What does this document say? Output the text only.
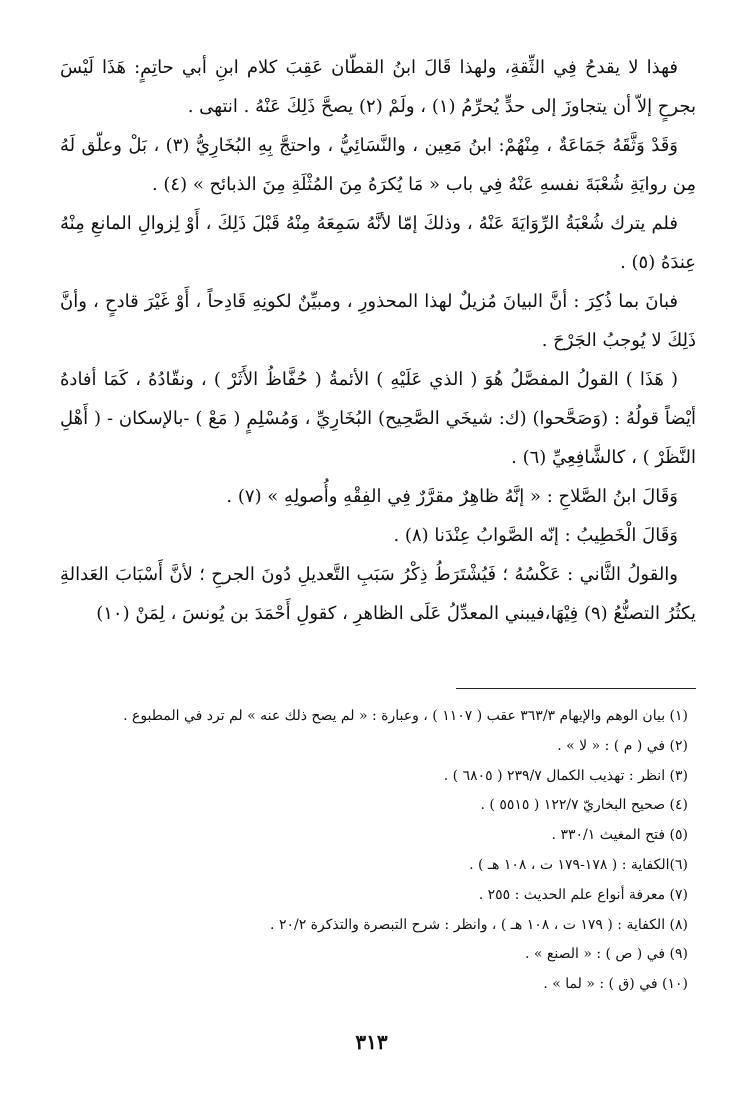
فهذا لا يقدحُ فِي الثِّقةِ، ولهذا قَالَ ابنُ القطّان عَقِبَ كلام ابنِ أبي حاتِمٍ: هَذَا لَيْسَ بجرحٍ إلاّ أن يتجاوزَ إلى حدٍّ يُحرِّمُ (١) ، ولَمْ (٢) يصحَّ ذَلِكَ عَنْهُ . انتهى .

وَقَدْ وَثَّقَهُ جَمَاعَةٌ ، مِنْهُمْ: ابنُ مَعِين ، والنَّسَائِيُّ ، واحتجَّ بِهِ البُخَارِيُّ (٣) ، بَلْ وعلّق لَهُ مِن روايَةِ شُعْبَةَ نفسهِ عَنْهُ فِي باب « مَا يُكرَهُ مِنَ المُثْلَةِ مِنَ الذبائح » (٤) .

فلم يترك شُعْبَةُ الرِّوَايَةَ عَنْهُ ، وذلكَ إمّا لأنَّهُ سَمِعَهُ مِنْهُ قَبْلَ ذَلِكَ ، أَوْ لِزوالِ المانعِ مِنْهُ عِندَهُ (٥) .

فبانَ بما ذُكِرَ : أنَّ البيانَ مُزيلٌ لهذا المحذورِ ، ومبيِّنٌ لكونِهِ قَادِحاً ، أَوْ غَيْرَ قادحٍ ، وأنَّ ذَلِكَ لا يُوجبُ الجَرْحَ .

( هَذَا ) القولُ المفصَّلُ هُوَ ( الذي عَلَيْهِ ) الأئمةُ ( حُفَّاظُ الأَثَرْ ) ، ونقّادُهُ ، كَمَا أفادهُ أيْضاً قولُهُ : (وَصَحَّحوا) (ك: شيخَي الصَّحِيح) البُخَارِيِّ ، وَمُسْلِمٍ ( مَعْ ) -بالإسكان - ( أَهْلِ النَّظَرْ ) ، كالشَّافِعِيِّ (٦) .

وَقَالَ ابنُ الصَّلاحِ : « إنَّهُ ظاهِرٌ مقرَّرٌ فِي الفِقْهِ وأُصولِهِ » (٧) .

وَقَالَ الْخَطِيبُ : إنّه الصَّوابُ عِنْدَنا (٨) .

والقولُ الثَّاني : عَكْسُهُ ؛ فَيُشْتَرَطُ ذِكْرُ سَبَبِ التَّعديلِ دُونَ الجرحِ ؛ لأنَّ أَسْبَابَ العَدالةِ يكثُرُ التصنُّعُ (٩) فِيْهَا،فيبني المعدِّلُ عَلَى الظاهرِ ، كقولِ أَحْمَدَ بن يُونسَ ، لِمَنْ (١٠)

(١) بيان الوهم والإيهام ٣٦٣/٣ عقب ( ١١٠٧ ) ، وعبارة : « لم يصح ذلك عنه » لم ترد في المطبوع .

(٢) في ( م ) : « لا » .

(٣) انظر : تهذيب الكمال ٢٣٩/٧ ( ٦٨٠٥ ) .

(٤) صحيح البخاريّ ١٢٢/٧ ( ٥٥١٥ ) .

(٥) فتح المغيث ٣٣٠/١ .

(٦)الكفاية : ( ١٧٨-١٧٩ ت ، ١٠٨ هـ ) .

(٧) معرفة أنواع علم الحديث : ٢٥٥ .

(٨) الكفاية : ( ١٧٩ ت ، ١٠٨ هـ ) ، وانظر : شرح التبصرة والتذكرة ٢٠/٢ .

(٩) في ( ص ) : « الصنع » .

(١٠) في (ق ) : « لما » .

٣١٣
